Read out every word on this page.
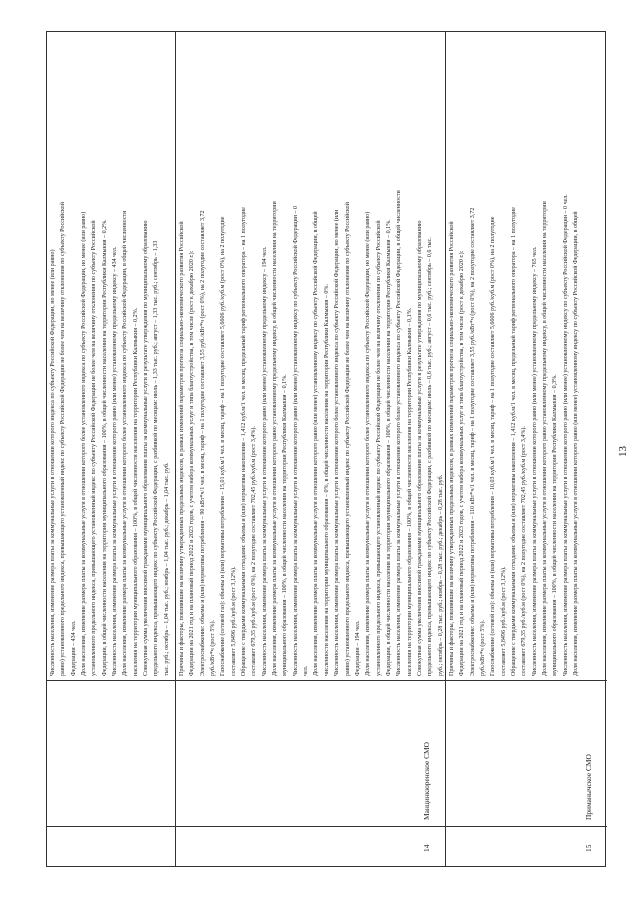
Численность населения, изменение размера платы за коммунальные услуги в отношении которого индекса по субъекту Российской Федерации, но менее (или равно) равно) установленного предельного индекса, превышающего установленный индекс по субъекту Российской Федерации не более чем на величину отклонения по субъекту Российской Федерации – 434 чел. Доля населения, изменение размера платы за коммунальные услуги в отношении которого более установленного индекса по субъекту Российской Федерации, но менее (или равно) установленного предельного индекса, превышающего установленный индекс по субъекту Российской Федерации не более чем на величину отклонения по субъекту Российской Федерации, в общей численности населения на территории муниципального образования – 100%, в общей численности населения на территории Республики Калмыкия – 0,2%. Численность населения, изменение размера платы за коммунальные услуги в отношении которого равно (или менее) установленному предельному индексу – 434 чел. Доля населения, изменение размера платы за коммунальные услуги в отношении которого более установленного индекса по субъекту Российской Федерации, в общей численности населения на территории муниципального образования – 100%, в общей численности населения на территории Республики Калмыкия – 0,2%. Совокупная сумма увеличения вносимой гражданами муниципального образования платы за коммунальные услуги в результате утверждения по муниципальному образованию предельного индекса, превышающего индекс по субъекту Российской Федерации, с разбивкой по месяцам: июль – 1,33 тыс. руб.; август – 1,33 тыс. руб.; сентябрь – 1,33 тыс. руб.; октябрь – 1,04 тыс. руб.; ноябрь – 1,04 тыс. руб.; декабрь – 1,04 тыс. руб.
14
Манцинкюренское СМО
Причины и факторы, повлиявшие на величину утвержденных предельных индексов, в рамках изменений параметров прогноза социально-экономического развития Российской Федерации на 2021 год и на плановый период 2022 и 2023 годов, с учетом набора коммунальных услуг и типа благоустройства, в том числе (рост к декабрю 2020 г.): Электроснабжение: объемы и (или) нормативы потребления – 90 кВт*ч/1 чел. в месяц, тариф – на 1 полугодие составляет 3,55 руб./кВт*ч (рост 0%), на 2 полугодие составляет 3,72 руб./кВт*ч (рост 5%). Газоснабжение (сетевой газ): объемы и (или) нормативы потребления – 15,01 куб.м/1 чел. в месяц, тариф – на 1 полугодие составляет 5,6606 руб./куб.м (рост 0%), на 2 полугодие составляет 5,8496 руб./куб.м (рост 3,12%). Обращение с твердыми коммунальными отходами: объемы и (или) нормативы накопления – 1,412 куб.м/1 чел. в месяц, предельный тариф регионального оператора – на 1 полугодие составляет 679,35 руб./куб.м (рост 0%), на 2 полугодие составляет 702,45 руб./куб.м (рост 3,4%). Численность населения, изменение размера платы за коммунальные услуги в отношении которого равно (или менее) установленному предельному индексу – 194 чел. Доля населения, изменение размера платы за коммунальные услуги в отношении которого равно установленному предельному индексу, в общей численности населения на территории муниципального образования – 100%, в общей численности населения на территории Республики Калмыкия – 0,1%. Численность населения, изменение размера платы за коммунальные услуги в отношении которого равно (или менее) установленному индексу по субъекту Российской Федерации – 0 чел. Доля населения, изменение размера платы за коммунальные услуги в отношении которого равно (или менее) установленному индексу по субъекту Российской Федерации, в общей численности населения на территории муниципального образования – 0%, в общей численности населения на территории Республики Калмыкия – 0%. Численность населения, изменение размера платы за коммунальные услуги в отношении которого более установленного индекса по субъекту Российской Федерации, но менее (или равно) установленного предельного индекса, превышающего установленный индекс по субъекту Российской Федерации не более чем на величину отклонения по субъекту Российской Федерации – 194 чел. Доля населения, изменение размера платы за коммунальные услуги в отношении которого более установленного индекса по субъекту Российской Федерации, но менее (или равно) установленного предельного индекса, превышающего установленный индекс по субъекту Российской Федерации не более чем на величину отклонения по субъекту Российской Федерации, в общей численности населения на территории муниципального образования – 100%, в общей численности населения на территории Республики Калмыкия – 0,1%. Численность населения, изменение размера платы за коммунальные услуги в отношении которого более установленного индекса по субъекту Российской Федерации, в общей численности населения на территории муниципального образования – 100%, в общей численности населения на территории Республики Калмыкия – 0,1%. Совокупная сумма увеличения вносимой гражданами муниципального образования платы за коммунальные услуги в результате утверждения по муниципальному образованию предельного индекса, превышающего индекс по субъекту Российской Федерации, с разбивкой по месяцам: июль – 0,6 тыс. руб.; август – 0,6 тыс. руб.; сентябрь – 0,6 тыс. руб.; октябрь – 0,28 тыс. руб.; ноябрь – 0,28 тыс. руб.; декабрь – 0,28 тыс. руб.
15
Приманычское СМО
Причины и факторы, повлиявшие на величину утвержденных предельных индексов, в рамках изменений параметров прогноза социально-экономического развития Российской Федерации на 2021 год и на плановый период 2022 и 2023 годов, с учетом набора коммунальных услуг и типа благоустройства, в том числе (рост к декабрю 2020 г.): Электроснабжение: объемы и (или) нормативы потребления – 110 кВт*ч/1 чел. в месяц, тариф – на 1 полугодие составляет 3,55 руб./кВт*ч (рост 0%), на 2 полугодие составляет 3,72 руб./кВт*ч (рост 5%). Газоснабжение (сетевой газ): объемы и (или) нормативы потребления – 10,03 куб.м/1 чел. в месяц, тариф – на 1 полугодие составляет 5,6606 руб./куб.м (рост 0%), на 2 полугодие составляет 5,8496 руб./куб.м (рост 3,12%). Обращение с твердыми коммунальными отходами: объемы и (или) нормативы накопления – 1,412 куб.м/1 чел. в месяц, предельный тариф регионального оператора – на 1 полугодие составляет 679,35 руб./куб.м (рост 0%), на 2 полугодие составляет 702,45 руб./куб.м (рост 3,4%). Численность населения, изменение размера платы за коммунальные услуги в отношении которого равно (или менее) установленному предельному индексу – 765 чел. Доля населения, изменение размера платы за коммунальные услуги в отношении которого равно установленному предельному индексу, в общей численности населения на территории муниципального образования – 100%, в общей численности населения на территории Республики Калмыкия – 0,3%. Численность населения, изменение размера платы за коммунальные услуги в отношении которого равно (или менее) установленному индексу по субъекту Российской Федерации – 0 чел. Доля населения, изменение размера платы за коммунальные услуги в отношении которого равно (или менее) установленному индексу по субъекту Российской Федерации, в общей	13
